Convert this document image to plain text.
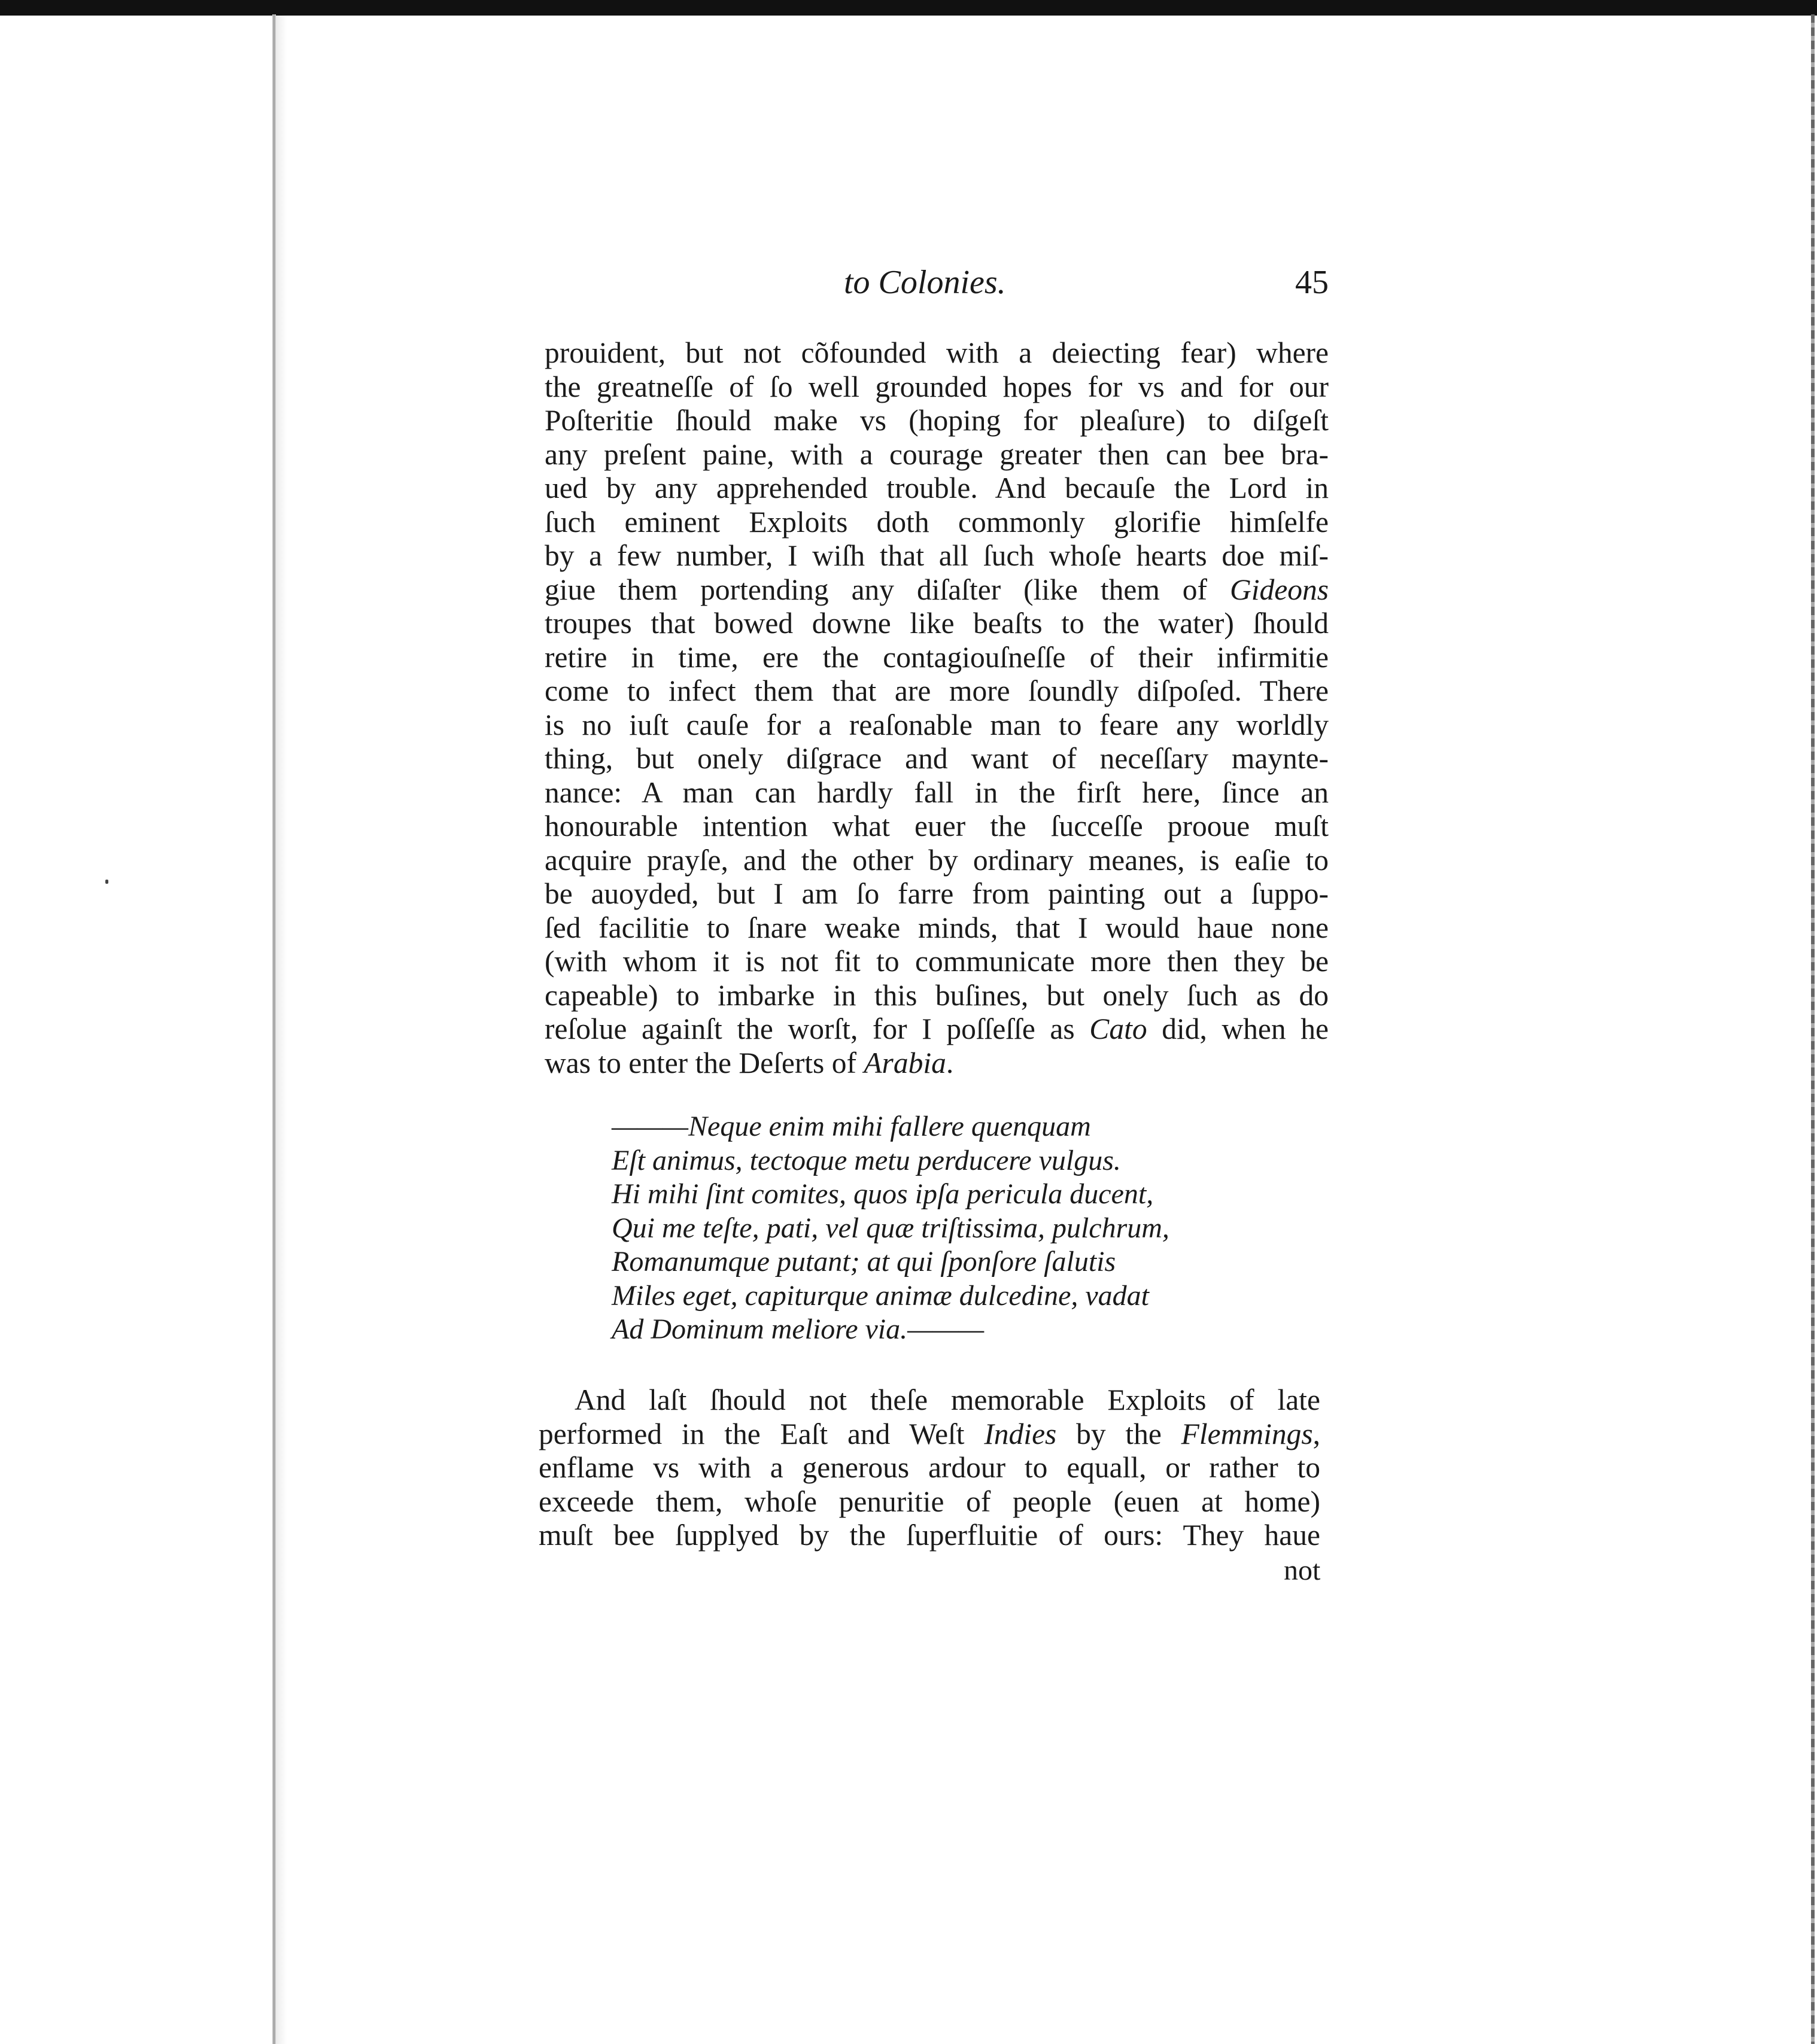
to Colonies.	45
prouident, but not cõfounded with a deiecting fear) where
the greatneſſe of ſo well grounded hopes for vs and for our
Poſteritie ſhould make vs (hoping for pleaſure) to diſgeſt
any preſent paine, with a courage greater then can bee bra-
ued by any apprehended trouble. And becauſe the Lord in
ſuch eminent Exploits doth commonly glorifie himſelfe
by a few number, I wiſh that all ſuch whoſe hearts doe miſ-
giue them portending any diſaſter (like them of Gideons
troupes that bowed downe like beaſts to the water) ſhould
retire in time, ere the contagiouſneſſe of their infirmitie
come to infect them that are more ſoundly diſpoſed. There
is no iuſt cauſe for a reaſonable man to feare any worldly
thing, but onely diſgrace and want of neceſſary maynte-
nance: A man can hardly fall in the firſt here, ſince an
honourable intention what euer the ſucceſſe prooue muſt
acquire prayſe, and the other by ordinary meanes, is eaſie to
be auoyded, but I am ſo farre from painting out a ſuppo-
ſed facilitie to ſnare weake minds, that I would haue none
(with whom it is not fit to communicate more then they be
capeable) to imbarke in this buſines, but onely ſuch as do
reſolue againſt the worſt, for I poſſeſſe as Cato did, when he
was to enter the Deſerts of Arabia.
———Neque enim mihi fallere quenquam
Eſt animus, tectoque metu perducere vulgus.
Hi mihi ſint comites, quos ipſa pericula ducent,
Qui me teſte, pati, vel quæ triſtissima, pulchrum,
Romanumque putant; at qui ſponſore ſalutis
Miles eget, capiturque animæ dulcedine, vadat
Ad Dominum meliore via.———
And laſt ſhould not theſe memorable Exploits of late
performed in the Eaſt and Weſt Indies by the Flemmings,
enflame vs with a generous ardour to equall, or rather to
exceede them, whoſe penuritie of people (euen at home)
muſt bee ſupplyed by the ſuperfluitie of ours: They haue
not
